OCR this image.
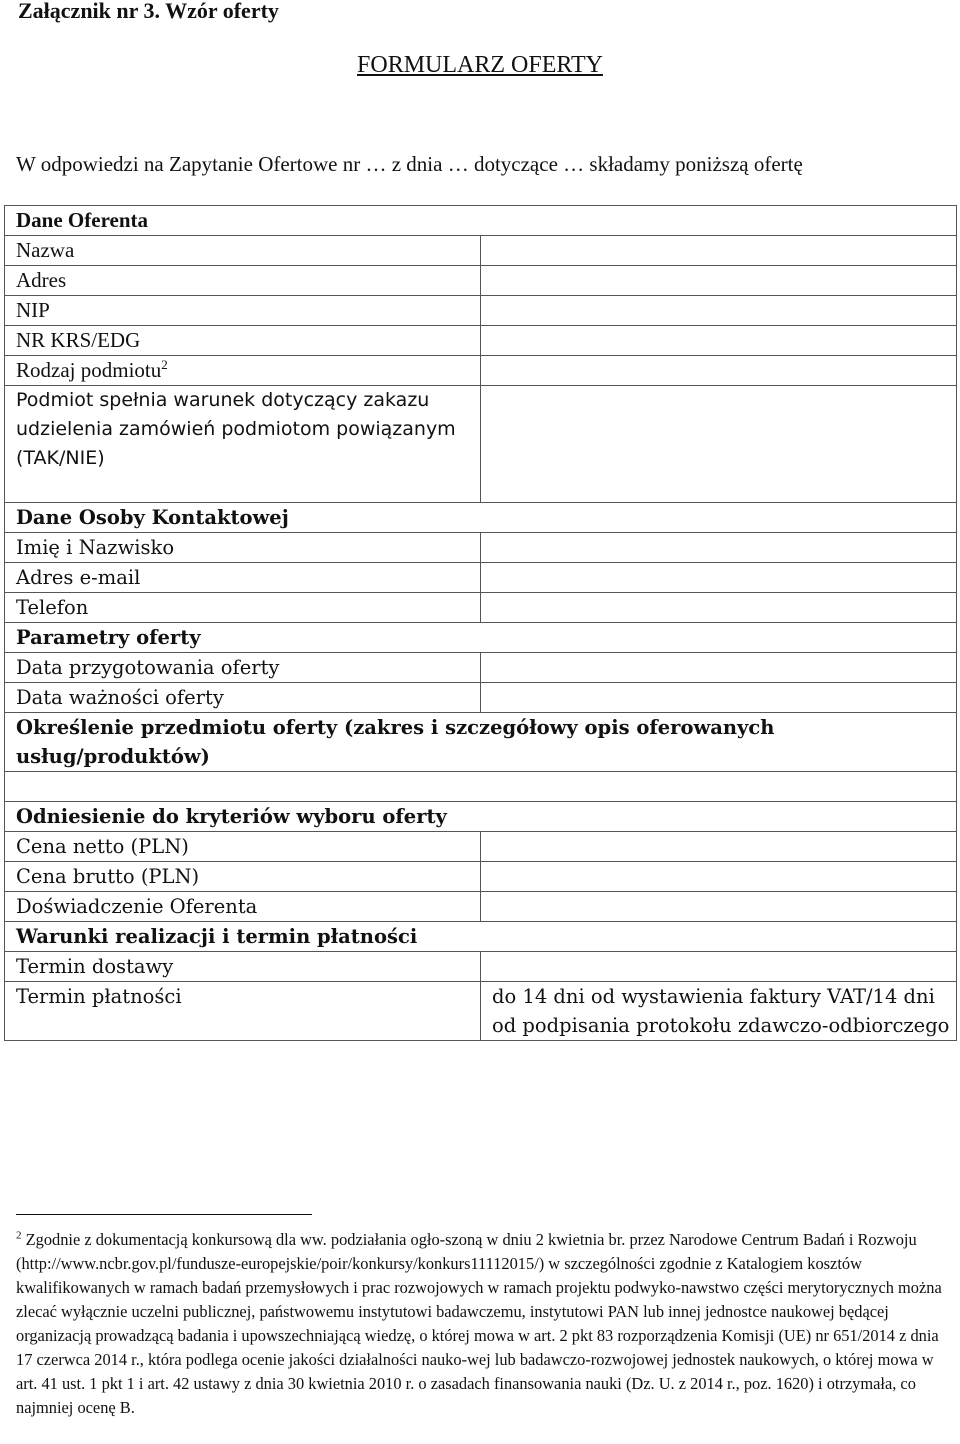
Załącznik nr 3. Wzór oferty
FORMULARZ OFERTY
W odpowiedzi na Zapytanie Ofertowe nr … z dnia … dotyczące … składamy poniższą ofertę
Dane Oferenta	
Nazwa	
Adres	
NIP	
NR KRS/EDG	
Rodzaj podmiotu$^2$	
Podmiot spełnia warunek dotyczący zakazu udzielenia zamówień podmiotom powiązanym (TAK/NIE)	
Dane Osoby Kontaktowej	
Imię i Nazwisko	
Adres e-mail	
Telefon	
Parametry oferty	
Data przygotowania oferty	
Data ważności oferty	
Określenie przedmiotu oferty (zakres i szczegółowy opis oferowanych usług/produktów)	

Odniesienie do kryteriów wyboru oferty	
Cena netto (PLN)	
Cena brutto (PLN)	
Doświadczenie Oferenta	
Warunki realizacji i termin płatności	
Termin dostawy	
Termin płatności	do 14 dni od wystawienia faktury VAT/14 dni od podpisania protokołu zdawczo-odbiorczego
$^2$ Zgodnie z dokumentacją konkursową dla ww. podziałania ogło-szoną w dniu 2 kwietnia br. przez Narodowe Centrum Badań i Rozwoju (http://www.ncbr.gov.pl/fundusze-europejskie/poir/konkursy/konkurs11112015/) w szczególności zgodnie z Katalogiem kosztów kwalifikowanych w ramach badań przemysłowych i prac rozwojowych w ramach projektu podwyko-nawstwo części merytorycznych można zlecać wyłącznie uczelni publicznej, państwowemu instytutowi badawczemu, instytutowi PAN lub innej jednostce naukowej będącej organizacją prowadzącą badania i upowszechniającą wiedzę, o której mowa w art. 2 pkt 83 rozporządzenia Komisji (UE) nr 651/2014 z dnia 17 czerwca 2014 r., która podlega ocenie jakości działalności nauko-wej lub badawczo-rozwojowej jednostek naukowych, o której mowa w art. 41 ust. 1 pkt 1 i art. 42 ustawy z dnia 30 kwietnia 2010 r. o zasadach finansowania nauki (Dz. U. z 2014 r., poz. 1620) i otrzymała, co najmniej ocenę B.
